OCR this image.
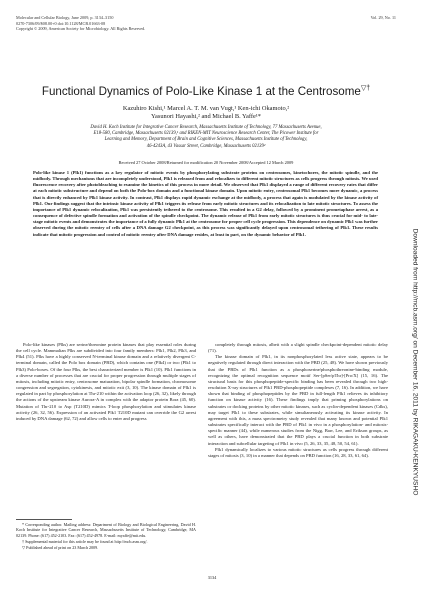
Molecular and Cellular Biology, June 2009, p. 3134–3150
0270-7306/09/$08.00+0 doi:10.1128/MCB.01663-08
Copyright © 2009, American Society for Microbiology. All Rights Reserved.
Vol. 29, No. 11
Functional Dynamics of Polo-Like Kinase 1 at the Centrosome▽†
Kazuhiro Kishi,¹ Marcel A. T. M. van Vugt,¹ Ken-ichi Okamoto,²
Yasunori Hayashi,² and Michael B. Yaffe¹*
David H. Koch Institute for Integrative Cancer Research, Massachusetts Institute of Technology, 77 Massachusetts Avenue,
E18-580, Cambridge, Massachusetts 02139,¹ and RIKEN-MIT Neuroscience Research Center, The Picower Institute for
Learning and Memory, Department of Brain and Cognitive Sciences, Massachusetts Institute of Technology,
46-4243A, 43 Vassar Street, Cambridge, Massachusetts 02139²
Received 27 October 2008/Returned for modification 20 November 2008/Accepted 12 March 2009

Polo-like kinase 1 (Plk1) functions as a key regulator of mitotic events by phosphorylating substrate proteins on centrosomes, kinetochores, the mitotic spindle, and the midbody. Through mechanisms that are incompletely understood, Plk1 is released from and relocalizes to different mitotic structures as cells progress through mitosis. We used fluorescence recovery after photobleaching to examine the kinetics of this process in more detail. We observed that Plk1 displayed a range of different recovery rates that differ at each mitotic substructure and depend on both the Polo-box domain and a functional kinase domain. Upon mitotic entry, centrosomal Plk1 becomes more dynamic, a process that is directly enhanced by Plk1 kinase activity. In contrast, Plk1 displays rapid dynamic exchange at the midbody, a process that again is modulated by the kinase activity of Plk1. Our findings suggest that the intrinsic kinase activity of Plk1 triggers its release from early mitotic structures and its relocalization to late mitotic structures. To assess the importance of Plk1 dynamic relocalization, Plk1 was persistently tethered to the centrosome. This resulted in a G2 delay, followed by a prominent prometaphase arrest, as a consequence of defective spindle formation and activation of the spindle checkpoint. The dynamic release of Plk1 from early mitotic structures is thus crucial for mid- to late-stage mitotic events and demonstrates the importance of a fully dynamic Plk1 at the centrosome for proper cell cycle progression. This dependence on dynamic Plk1 was further observed during the mitotic reentry of cells after a DNA damage G2 checkpoint, as this process was significantly delayed upon centrosomal tethering of Plk1. These results indicate that mitotic progression and control of mitotic reentry after DNA damage resides, at least in part, on the dynamic behavior of Plk1.

Polo-like kinases (Plks) are serine/threonine protein kinases that play essential roles during the cell cycle. Mammalian Plks are subdivided into four family members: Plk1, Plk2, Plk3, and Plk4 (51). Plks have a highly conserved N-terminal kinase domain and a relatively divergent C-terminal domain, called the Polo box domain (PBD), which contains one (Plk4) or two (Plk1 to Plk3) Polo-boxes. Of the four Plks, the best characterized member is Plk1 (10). Plk1 functions in a diverse number of processes that are crucial for proper progression through multiple stages of mitosis, including mitotic entry, centrosome maturation, bipolar spindle formation, chromosome congression and segregation, cytokinesis, and mitotic exit (3, 10). The kinase domain of Plk1 is regulated in part by phosphorylation at Thr-210 within the activation loop (26, 32), likely through the actions of the upstream kinase Aurora-A in complex with the adaptor protein Bora (45, 60). Mutation of Thr-210 to Asp (T210D) mimics T-loop phosphorylation and stimulates kinase activity (26, 32, 56). Expression of an activated Plk1 T210D mutant can override the G2 arrest induced by DNA damage (62, 72) and allow cells to enter and progress

completely through mitosis, albeit with a slight spindle checkpoint-dependent mitotic delay (71).

The kinase domain of Plk1, in its nonphosphorylated less active state, appears to be negatively regulated through direct interaction with the PBD (25, 48). We have shown previously that the PBDs of Plk1 function as a phosphoserine/phosphothreonine-binding module, recognizing the optimal recognition sequence motif Ser-[pSer/pThr]-[Pro/X] (15, 16). The structural basis for this phosphopeptide-specific binding has been revealed through two high-resolution X-ray structures of Plk1 PBD-phosphopeptide complexes (7, 16). In addition, we have shown that binding of phosphopeptides by the PBD in full-length Plk1 relieves its inhibitory function on kinase activity (16). These findings imply that priming phosphorylations on substrates or docking proteins by other mitotic kinases, such as cyclin-dependent kinases (Cdks), may target Plk1 to these substrates, while simultaneously activating its kinase activity. In agreement with this, a mass spectrometry study revealed that many known and potential Plk1 substrates specifically interact with the PBD of Plk1 in vivo in a phosphorylation- and mitosis-specific manner (44), while numerous studies from the Nigg, Barr, Lee, and Erikson groups, as well as others, have demonstrated that the PBD plays a crucial function in both substrate interaction and subcellular targeting of Plk1 in vivo (5, 26, 33, 35, 48, 50, 54, 61).

Plk1 dynamically localizes to various mitotic structures as cells progress through different stages of mitosis (3, 10) in a manner that depends on PBD function (16, 28, 33, 61, 64).

* Corresponding author. Mailing address: Department of Biology and Biological Engineering, David H. Koch Institute for Integrative Cancer Research, Massachusetts Institute of Technology, Cambridge, MA 02139. Phone: (617) 452-2103. Fax: (617) 452-4978. E-mail: myaffe@mit.edu.

† Supplemental material for this article may be found at http://mcb.asm.org/.

▽ Published ahead of print on 23 March 2009.

3134
Downloaded from http://mcb.asm.org/ on December 16, 2011 by RIKAGAKU-KENKYUSHO
